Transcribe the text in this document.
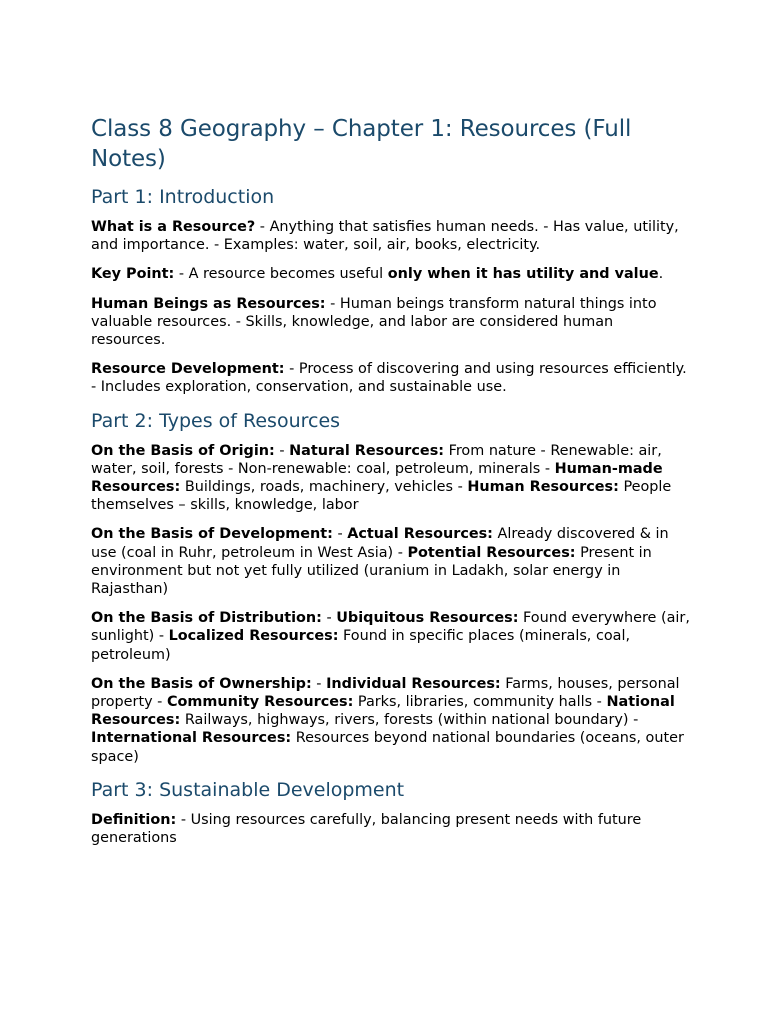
Class 8 Geography – Chapter 1: Resources (Full Notes)
Part 1: Introduction

What is a Resource? - Anything that satisfies human needs. - Has value, utility, and importance. - Examples: water, soil, air, books, electricity.

Key Point: - A resource becomes useful only when it has utility and value.

Human Beings as Resources: - Human beings transform natural things into valuable resources. - Skills, knowledge, and labor are considered human resources.

Resource Development: - Process of discovering and using resources efficiently. - Includes exploration, conservation, and sustainable use.

Part 2: Types of Resources

On the Basis of Origin: - Natural Resources: From nature - Renewable: air, water, soil, forests - Non-renewable: coal, petroleum, minerals - Human-made Resources: Buildings, roads, machinery, vehicles - Human Resources: People themselves – skills, knowledge, labor

On the Basis of Development: - Actual Resources: Already discovered & in use (coal in Ruhr, petroleum in West Asia) - Potential Resources: Present in environment but not yet fully utilized (uranium in Ladakh, solar energy in Rajasthan)

On the Basis of Distribution: - Ubiquitous Resources: Found everywhere (air, sunlight) - Localized Resources: Found in specific places (minerals, coal, petroleum)

On the Basis of Ownership: - Individual Resources: Farms, houses, personal property - Community Resources: Parks, libraries, community halls - National Resources: Railways, highways, rivers, forests (within national boundary) - International Resources: Resources beyond national boundaries (oceans, outer space)

Part 3: Sustainable Development

Definition: - Using resources carefully, balancing present needs with future generations
